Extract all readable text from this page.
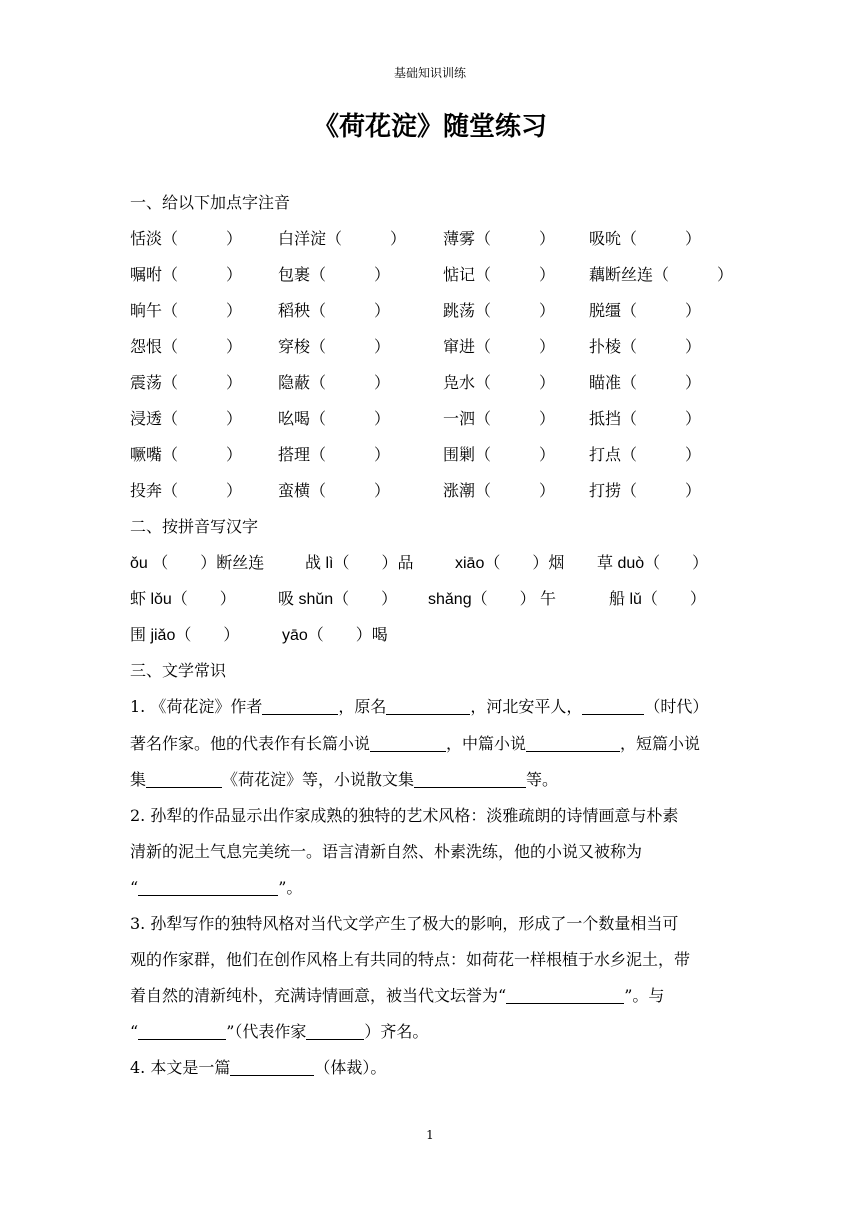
基础知识训练
《荷花淀》随堂练习
一、给以下加点字注音
恬淡（　　　） 白洋淀（　　　） 薄雾（　　　） 吸吮（　　　）
嘱咐（　　　） 包裹（　　　）	惦记（　　　） 藕断丝连（　　　）
晌午（　　　） 稻秧（　　　）	跳荡（　　　） 脱缰（　　　）
怨恨（　　　） 穿梭（　　　）	窜进（　　　） 扑棱（　　　）
震荡（　　　） 隐蔽（　　　）	凫水（　　　） 瞄准（　　　）
浸透（　　　） 吆喝（　　　）	一泗（　　　） 抵挡（　　　）
噘嘴（　　　） 搭理（　　　）	围剿（　　　） 打点（　　　）
投奔（　　　） 蛮横（　　　）	涨潮（　　　） 打捞（　　　）
二、按拼音写汉字
ǒu （　　）断丝连	战 lì（　　）品	xiāo（　　）烟 草 duò（　　）
虾 lǒu（　　）	吸 shǔn（　　） shǎng（　　） 午	船 lǔ（　　）
围 jiǎo（　　）	yāo（　　）喝
三、文学常识
1. 《荷花淀》作者	，原名	，河北安平人，	（时代）
著名作家。他的代表作有长篇小说	，中篇小说	，短篇小说
集	《荷花淀》等，小说散文集	等。
2. 孙犁的作品显示出作家成熟的独特的艺术风格：淡雅疏朗的诗情画意与朴素
清新的泥土气息完美统一。语言清新自然、朴素洗练，他的小说又被称为
“	”。
3. 孙犁写作的独特风格对当代文学产生了极大的影响，形成了一个数量相当可
观的作家群，他们在创作风格上有共同的特点：如荷花一样根植于水乡泥土，带
着自然的清新纯朴，充满诗情画意，被当代文坛誉为“	”。与
“	”（代表作家	）齐名。
4. 本文是一篇	（体裁）。
1
